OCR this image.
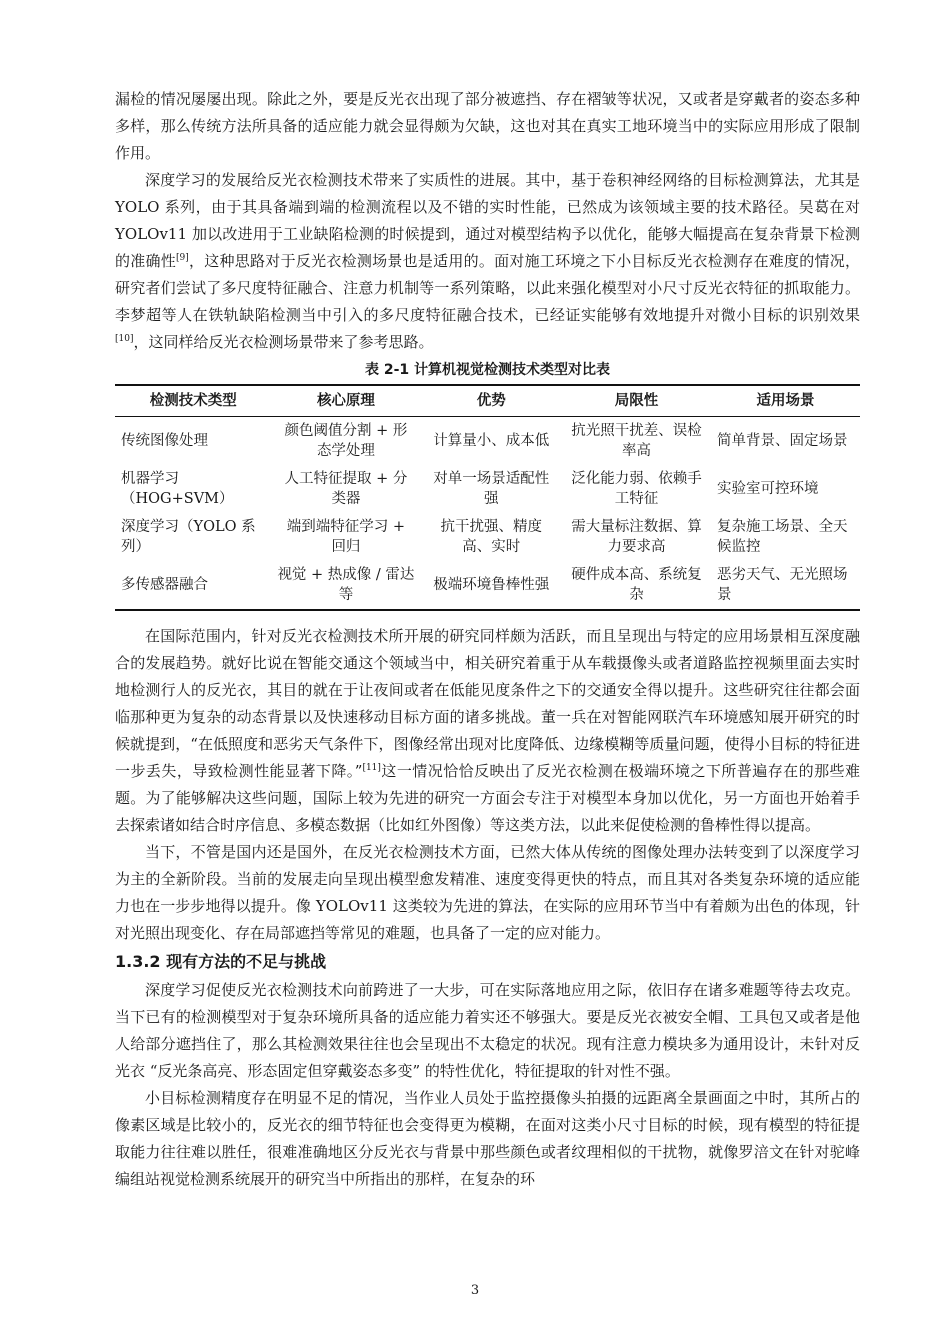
漏检的情况屡屡出现。除此之外，要是反光衣出现了部分被遮挡、存在褶皱等状况，又或者是穿戴者的姿态多种多样，那么传统方法所具备的适应能力就会显得颇为欠缺，这也对其在真实工地环境当中的实际应用形成了限制作用。

深度学习的发展给反光衣检测技术带来了实质性的进展。其中，基于卷积神经网络的目标检测算法，尤其是 YOLO 系列，由于其具备端到端的检测流程以及不错的实时性能，已然成为该领域主要的技术路径。吴葛在对 YOLOv11 加以改进用于工业缺陷检测的时候提到，通过对模型结构予以优化，能够大幅提高在复杂背景下检测的准确性[9]，这种思路对于反光衣检测场景也是适用的。面对施工环境之下小目标反光衣检测存在难度的情况，研究者们尝试了多尺度特征融合、注意力机制等一系列策略，以此来强化模型对小尺寸反光衣特征的抓取能力。李梦超等人在铁轨缺陷检测当中引入的多尺度特征融合技术，已经证实能够有效地提升对微小目标的识别效果[10]，这同样给反光衣检测场景带来了参考思路。

表 2-1 计算机视觉检测技术类型对比表

检测技术类型	核心原理	优势	局限性	适用场景
传统图像处理	颜色阈值分割 + 形态学处理	计算量小、成本低	抗光照干扰差、误检率高	简单背景、固定场景
机器学习（HOG+SVM）	人工特征提取 + 分类器	对单一场景适配性强	泛化能力弱、依赖手工特征	实验室可控环境
深度学习（YOLO 系列）	端到端特征学习 + 回归	抗干扰强、精度高、实时	需大量标注数据、算力要求高	复杂施工场景、全天候监控
多传感器融合	视觉 + 热成像 / 雷达等	极端环境鲁棒性强	硬件成本高、系统复杂	恶劣天气、无光照场景

在国际范围内，针对反光衣检测技术所开展的研究同样颇为活跃，而且呈现出与特定的应用场景相互深度融合的发展趋势。就好比说在智能交通这个领域当中，相关研究着重于从车载摄像头或者道路监控视频里面去实时地检测行人的反光衣，其目的就在于让夜间或者在低能见度条件之下的交通安全得以提升。这些研究往往都会面临那种更为复杂的动态背景以及快速移动目标方面的诸多挑战。董一兵在对智能网联汽车环境感知展开研究的时候就提到，“在低照度和恶劣天气条件下，图像经常出现对比度降低、边缘模糊等质量问题，使得小目标的特征进一步丢失，导致检测性能显著下降。”[11]这一情况恰恰反映出了反光衣检测在极端环境之下所普遍存在的那些难题。为了能够解决这些问题，国际上较为先进的研究一方面会专注于对模型本身加以优化，另一方面也开始着手去探索诸如结合时序信息、多模态数据（比如红外图像）等这类方法，以此来促使检测的鲁棒性得以提高。

当下，不管是国内还是国外，在反光衣检测技术方面，已然大体从传统的图像处理办法转变到了以深度学习为主的全新阶段。当前的发展走向呈现出模型愈发精准、速度变得更快的特点，而且其对各类复杂环境的适应能力也在一步步地得以提升。像 YOLOv11 这类较为先进的算法，在实际的应用环节当中有着颇为出色的体现，针对光照出现变化、存在局部遮挡等常见的难题，也具备了一定的应对能力。

1.3.2 现有方法的不足与挑战

深度学习促使反光衣检测技术向前跨进了一大步，可在实际落地应用之际，依旧存在诸多难题等待去攻克。当下已有的检测模型对于复杂环境所具备的适应能力着实还不够强大。要是反光衣被安全帽、工具包又或者是他人给部分遮挡住了，那么其检测效果往往也会呈现出不太稳定的状况。现有注意力模块多为通用设计，未针对反光衣 “反光条高亮、形态固定但穿戴姿态多变” 的特性优化，特征提取的针对性不强。

小目标检测精度存在明显不足的情况，当作业人员处于监控摄像头拍摄的远距离全景画面之中时，其所占的像素区域是比较小的，反光衣的细节特征也会变得更为模糊，在面对这类小尺寸目标的时候，现有模型的特征提取能力往往难以胜任，很难准确地区分反光衣与背景中那些颜色或者纹理相似的干扰物，就像罗涪文在针对驼峰编组站视觉检测系统展开的研究当中所指出的那样，在复杂的环

3
